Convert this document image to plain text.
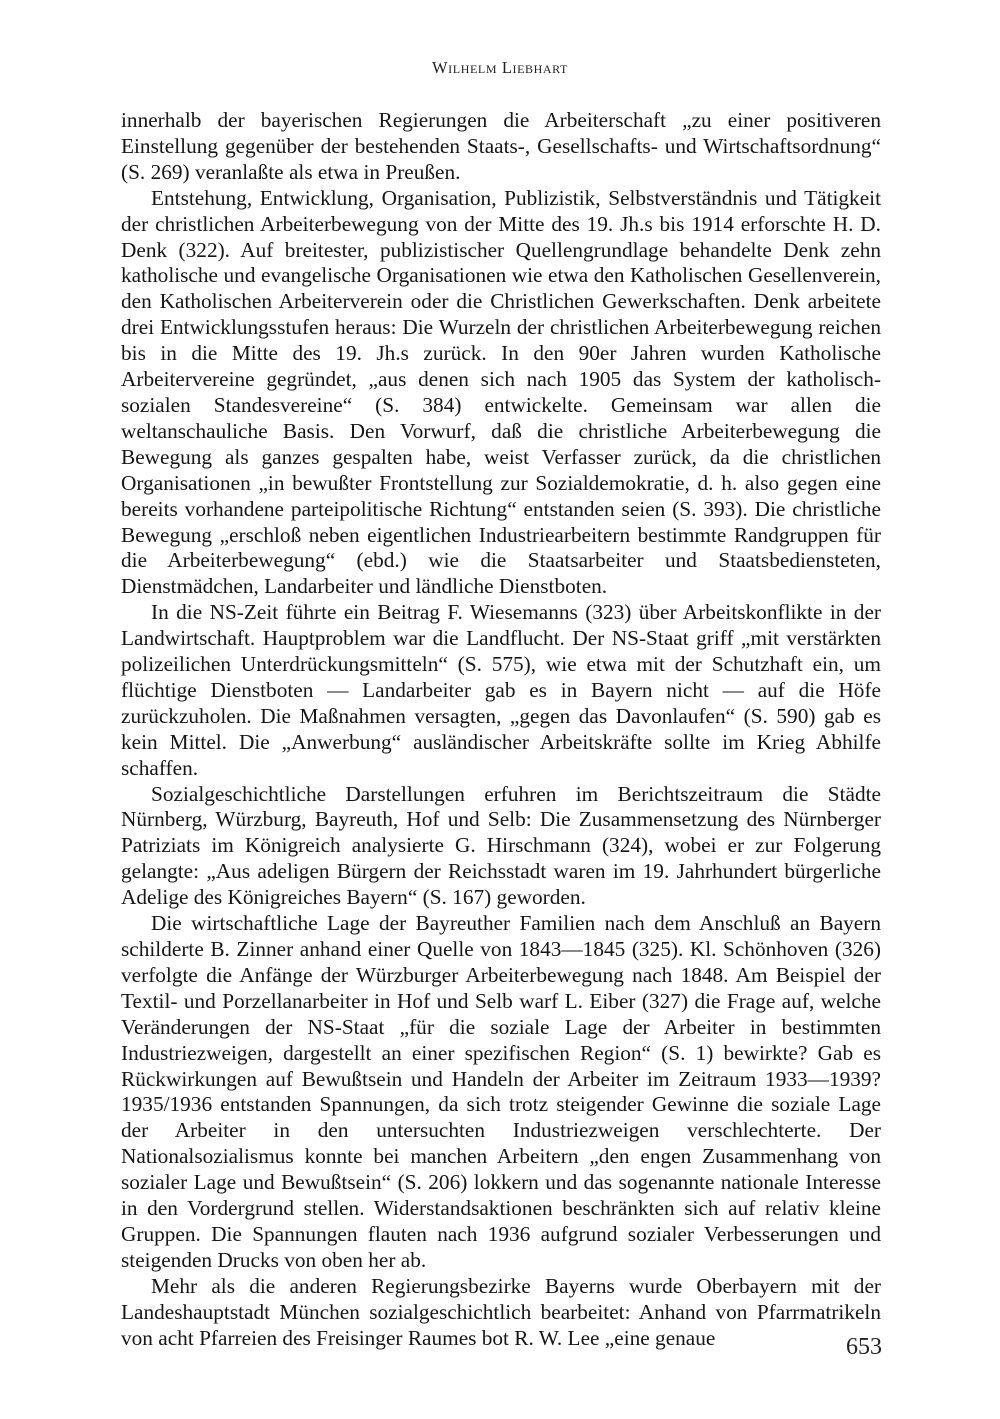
Wilhelm Liebhart

innerhalb der bayerischen Regierungen die Arbeiterschaft „zu einer positiveren Einstellung gegenüber der bestehenden Staats-, Gesellschafts- und Wirtschaftsordnung“ (S. 269) veranlaßte als etwa in Preußen.

Entstehung, Entwicklung, Organisation, Publizistik, Selbstverständnis und Tätigkeit der christlichen Arbeiterbewegung von der Mitte des 19. Jh.s bis 1914 erforschte H. D. Denk (322). Auf breitester, publizistischer Quellengrundlage behandelte Denk zehn katholische und evangelische Organisationen wie etwa den Katholischen Gesellenverein, den Katholischen Arbeiterverein oder die Christlichen Gewerkschaften. Denk arbeitete drei Entwicklungsstufen heraus: Die Wurzeln der christlichen Arbeiterbewegung reichen bis in die Mitte des 19. Jh.s zurück. In den 90er Jahren wurden Katholische Arbeitervereine gegründet, „aus denen sich nach 1905 das System der katholisch-sozialen Standesvereine“ (S. 384) entwickelte. Gemeinsam war allen die weltanschauliche Basis. Den Vorwurf, daß die christliche Arbeiterbewegung die Bewegung als ganzes gespalten habe, weist Verfasser zurück, da die christlichen Organisationen „in bewußter Frontstellung zur Sozialdemokratie, d. h. also gegen eine bereits vorhandene parteipolitische Richtung“ entstanden seien (S. 393). Die christliche Bewegung „erschloß neben eigentlichen Industriearbeitern bestimmte Randgruppen für die Arbeiterbewegung“ (ebd.) wie die Staatsarbeiter und Staatsbediensteten, Dienstmädchen, Landarbeiter und ländliche Dienstboten.

In die NS-Zeit führte ein Beitrag F. Wiesemanns (323) über Arbeitskonflikte in der Landwirtschaft. Hauptproblem war die Landflucht. Der NS-Staat griff „mit verstärkten polizeilichen Unterdrückungsmitteln“ (S. 575), wie etwa mit der Schutzhaft ein, um flüchtige Dienstboten — Landarbeiter gab es in Bayern nicht — auf die Höfe zurückzuholen. Die Maßnahmen versagten, „gegen das Davonlaufen“ (S. 590) gab es kein Mittel. Die „Anwerbung“ ausländischer Arbeitskräfte sollte im Krieg Abhilfe schaffen.

Sozialgeschichtliche Darstellungen erfuhren im Berichtszeitraum die Städte Nürnberg, Würzburg, Bayreuth, Hof und Selb: Die Zusammensetzung des Nürnberger Patriziats im Königreich analysierte G. Hirschmann (324), wobei er zur Folgerung gelangte: „Aus adeligen Bürgern der Reichsstadt waren im 19. Jahrhundert bürgerliche Adelige des Königreiches Bayern“ (S. 167) geworden.

Die wirtschaftliche Lage der Bayreuther Familien nach dem Anschluß an Bayern schilderte B. Zinner anhand einer Quelle von 1843—1845 (325). Kl. Schönhoven (326) verfolgte die Anfänge der Würzburger Arbeiterbewegung nach 1848. Am Beispiel der Textil- und Porzellanarbeiter in Hof und Selb warf L. Eiber (327) die Frage auf, welche Veränderungen der NS-Staat „für die soziale Lage der Arbeiter in bestimmten Industriezweigen, dargestellt an einer spezifischen Region“ (S. 1) bewirkte? Gab es Rückwirkungen auf Bewußtsein und Handeln der Arbeiter im Zeitraum 1933—1939? 1935/1936 entstanden Spannungen, da sich trotz steigender Gewinne die soziale Lage der Arbeiter in den untersuchten Industriezweigen verschlechterte. Der Nationalsozialismus konnte bei manchen Arbeitern „den engen Zusammenhang von sozialer Lage und Bewußtsein“ (S. 206) lokkern und das sogenannte nationale Interesse in den Vordergrund stellen. Widerstandsaktionen beschränkten sich auf relativ kleine Gruppen. Die Spannungen flauten nach 1936 aufgrund sozialer Verbesserungen und steigenden Drucks von oben her ab.

Mehr als die anderen Regierungsbezirke Bayerns wurde Oberbayern mit der Landeshauptstadt München sozialgeschichtlich bearbeitet: Anhand von Pfarrmatrikeln von acht Pfarreien des Freisinger Raumes bot R. W. Lee „eine genaue	653
